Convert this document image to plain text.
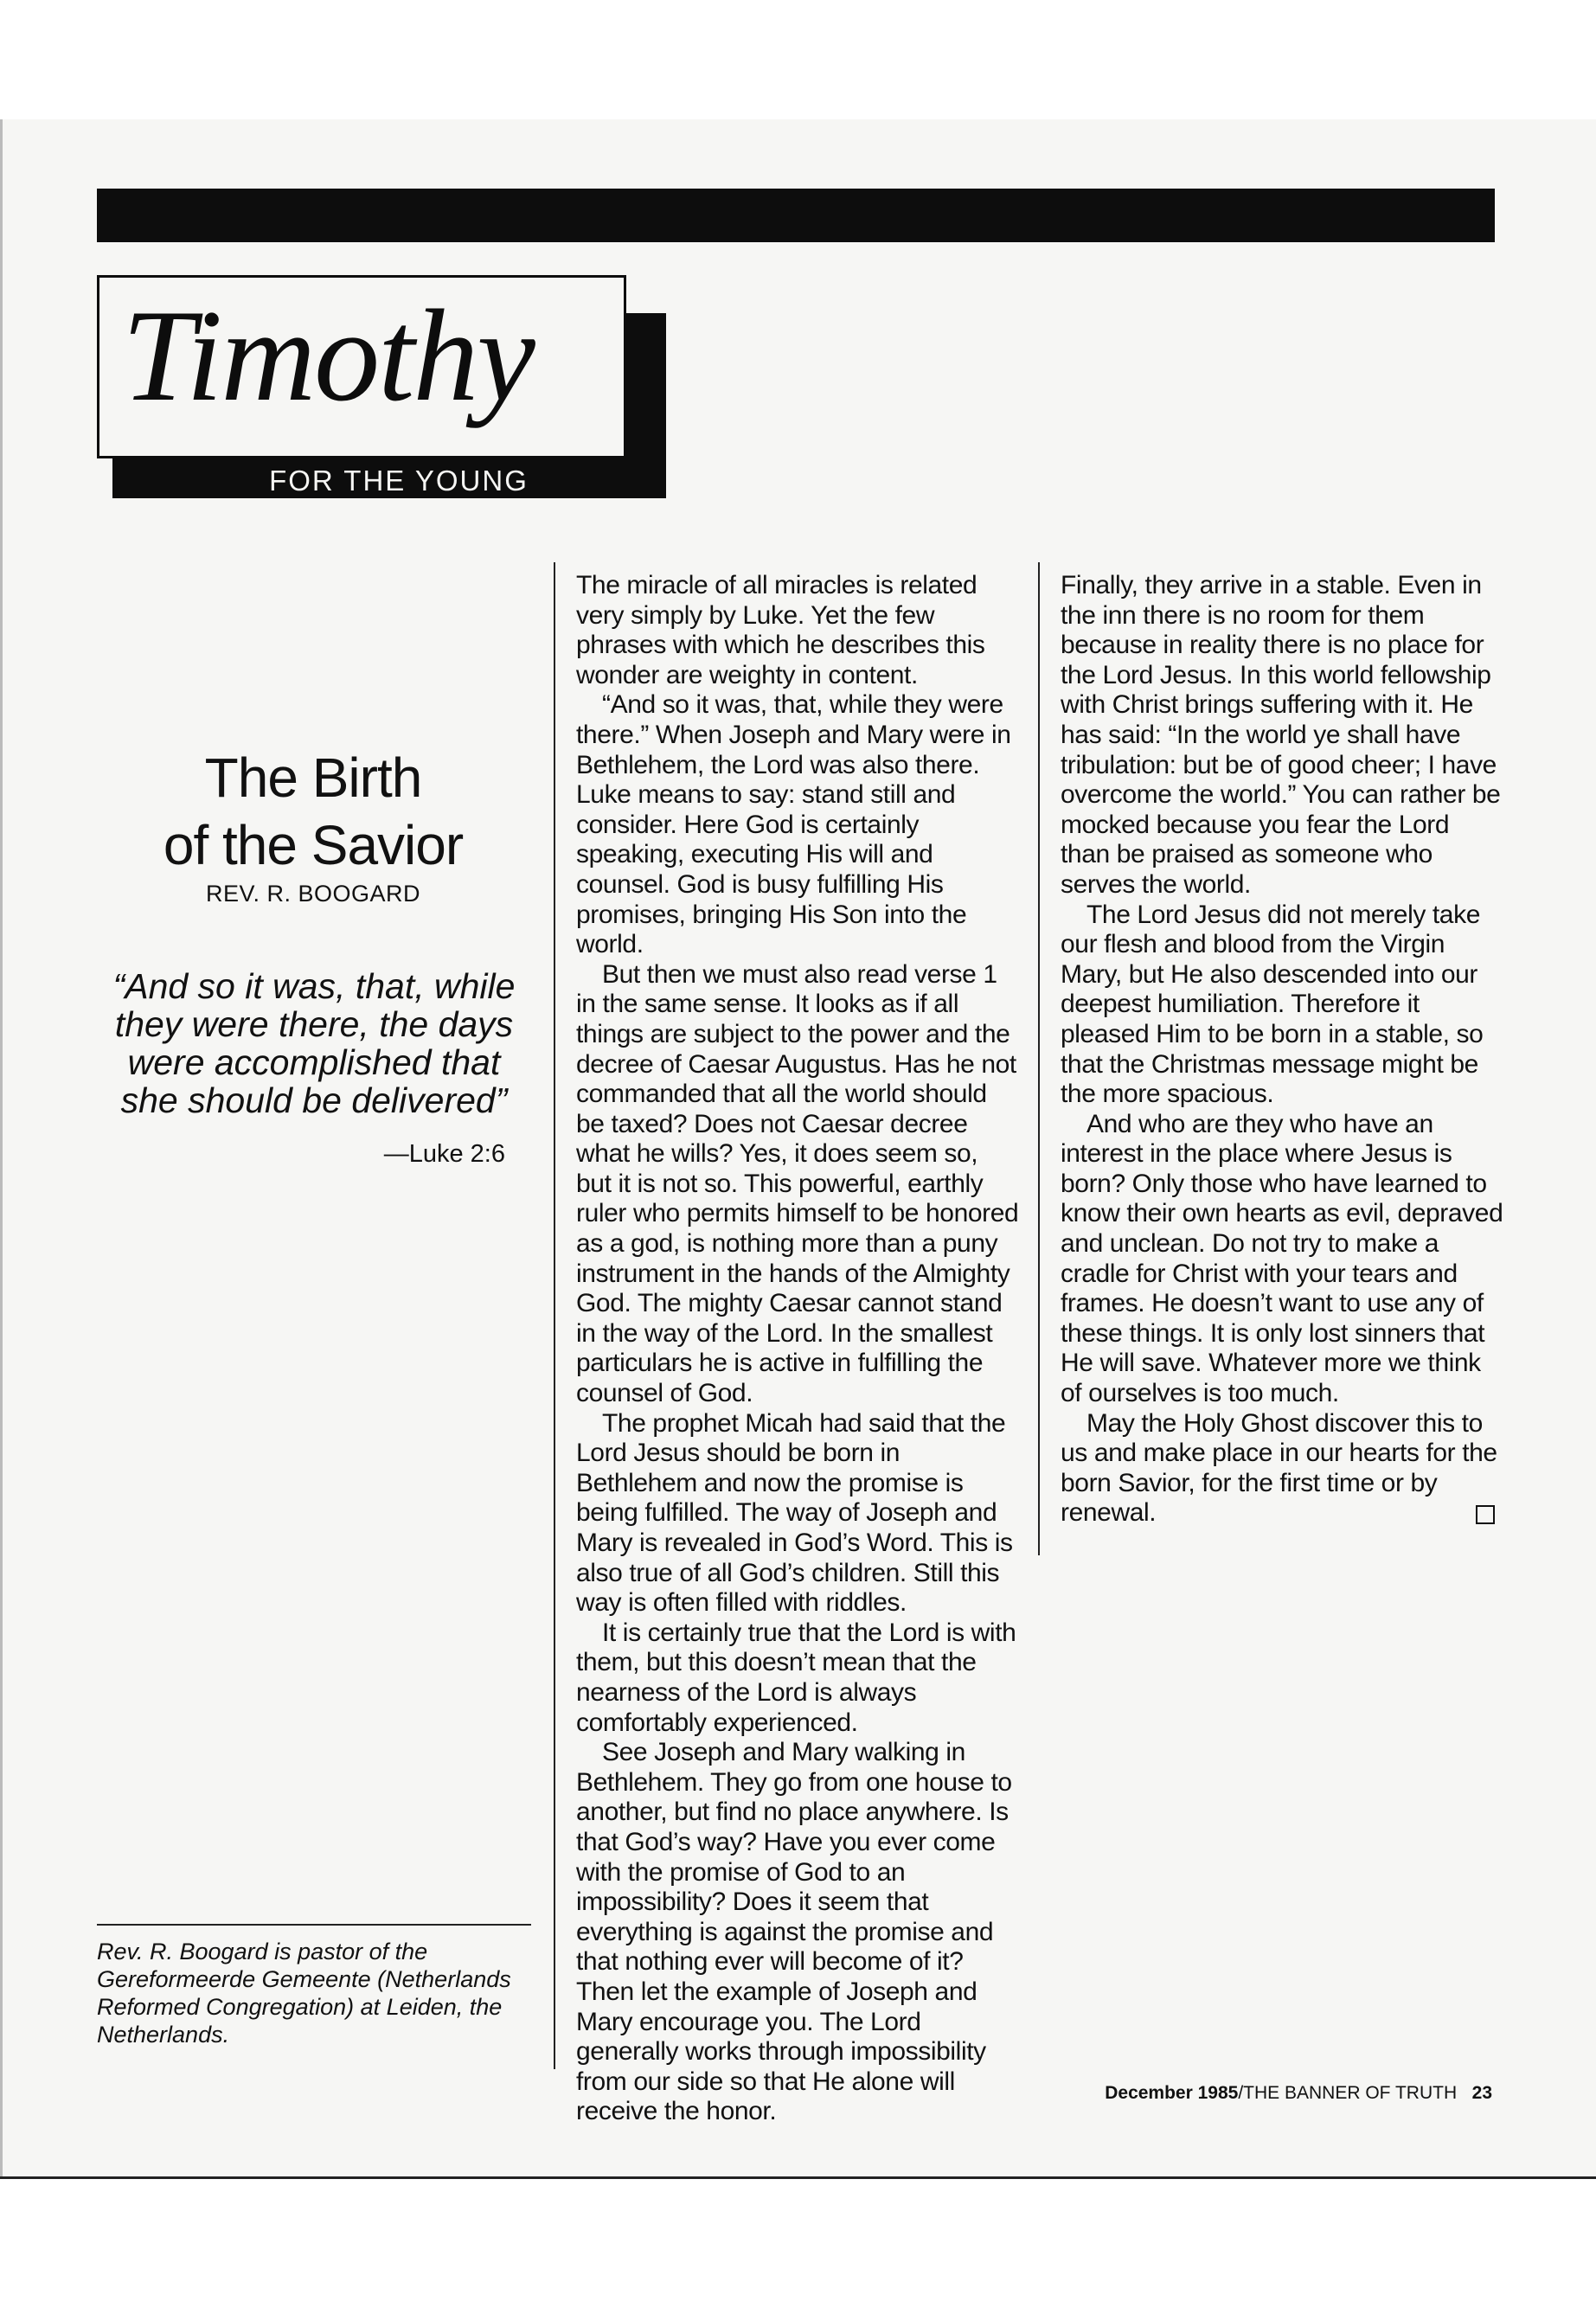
Timothy
FOR THE YOUNG
The Birth
of the Savior
REV. R. BOOGARD
“And so it was, that, while they were there, the days were accomplished that she should be delivered”
—Luke 2:6
Rev. R. Boogard is pastor of the Gereformeerde Gemeente (Netherlands Reformed Congregation) at Leiden, the Netherlands.

The miracle of all miracles is related very simply by Luke. Yet the few phrases with which he describes this wonder are weighty in content.

“And so it was, that, while they were there.” When Joseph and Mary were in Bethlehem, the Lord was also there. Luke means to say: stand still and consider. Here God is certainly speaking, executing His will and counsel. God is busy fulfilling His promises, bringing His Son into the world.

But then we must also read verse 1 in the same sense. It looks as if all things are subject to the power and the decree of Caesar Augustus. Has he not commanded that all the world should be taxed? Does not Caesar decree what he wills? Yes, it does seem so, but it is not so. This powerful, earthly ruler who permits himself to be honored as a god, is nothing more than a puny instrument in the hands of the Almighty God. The mighty Caesar cannot stand in the way of the Lord. In the smallest particulars he is active in fulfilling the counsel of God.

The prophet Micah had said that the Lord Jesus should be born in Bethlehem and now the promise is being fulfilled. The way of Joseph and Mary is revealed in God’s Word. This is also true of all God’s children. Still this way is often filled with riddles.

It is certainly true that the Lord is with them, but this doesn’t mean that the nearness of the Lord is always comfortably experienced.

See Joseph and Mary walking in Bethlehem. They go from one house to another, but find no place anywhere. Is that God’s way? Have you ever come with the promise of God to an impossibility? Does it seem that everything is against the promise and that nothing ever will become of it? Then let the example of Joseph and Mary encourage you. The Lord generally works through impossibility from our side so that He alone will receive the honor.

Finally, they arrive in a stable. Even in the inn there is no room for them because in reality there is no place for the Lord Jesus. In this world fellowship with Christ brings suffering with it. He has said: “In the world ye shall have tribulation: but be of good cheer; I have overcome the world.” You can rather be mocked because you fear the Lord than be praised as someone who serves the world.

The Lord Jesus did not merely take our flesh and blood from the Virgin Mary, but He also descended into our deepest humiliation. Therefore it pleased Him to be born in a stable, so that the Christmas message might be the more spacious.

And who are they who have an interest in the place where Jesus is born? Only those who have learned to know their own hearts as evil, depraved and unclean. Do not try to make a cradle for Christ with your tears and frames. He doesn’t want to use any of these things. It is only lost sinners that He will save. Whatever more we think of ourselves is too much.

May the Holy Ghost discover this to us and make place in our hearts for the born Savior, for the first time or by renewal.

December 1985/THE BANNER OF TRUTH 23
